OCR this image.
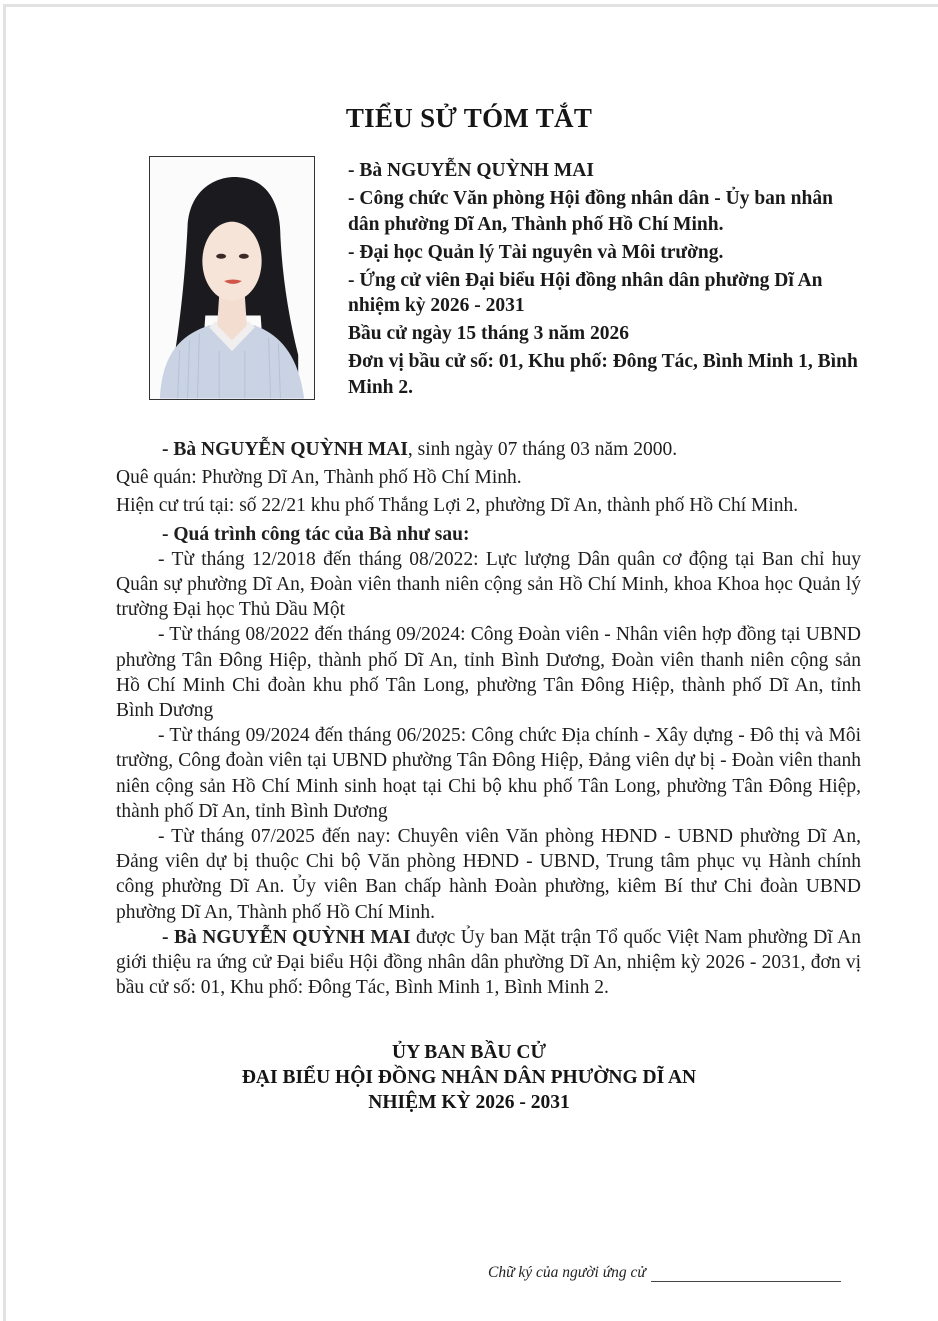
TIỂU SỬ TÓM TẮT

- Bà NGUYỄN QUỲNH MAI

- Công chức Văn phòng Hội đồng nhân dân - Ủy ban nhân dân phường Dĩ An, Thành phố Hồ Chí Minh.

- Đại học Quản lý Tài nguyên và Môi trường.

- Ứng cử viên Đại biểu Hội đồng nhân dân phường Dĩ An nhiệm kỳ 2026 - 2031

Bầu cử ngày 15 tháng 3 năm 2026

Đơn vị bầu cử số: 01, Khu phố: Đông Tác, Bình Minh 1, Bình Minh 2.

- Bà NGUYỄN QUỲNH MAI, sinh ngày 07 tháng 03 năm 2000.

Quê quán: Phường Dĩ An, Thành phố Hồ Chí Minh.

Hiện cư trú tại: số 22/21 khu phố Thắng Lợi 2, phường Dĩ An, thành phố Hồ Chí Minh.

- Quá trình công tác của Bà như sau:

- Từ tháng 12/2018 đến tháng 08/2022: Lực lượng Dân quân cơ động tại Ban chỉ huy Quân sự phường Dĩ An, Đoàn viên thanh niên cộng sản Hồ Chí Minh, khoa Khoa học Quản lý trường Đại học Thủ Dầu Một

- Từ tháng 08/2022 đến tháng 09/2024: Công Đoàn viên - Nhân viên hợp đồng tại UBND phường Tân Đông Hiệp, thành phố Dĩ An, tỉnh Bình Dương, Đoàn viên thanh niên cộng sản Hồ Chí Minh Chi đoàn khu phố Tân Long, phường Tân Đông Hiệp, thành phố Dĩ An, tỉnh Bình Dương

- Từ tháng 09/2024 đến tháng 06/2025: Công chức Địa chính - Xây dựng - Đô thị và Môi trường, Công đoàn viên tại UBND phường Tân Đông Hiệp, Đảng viên dự bị - Đoàn viên thanh niên cộng sản Hồ Chí Minh sinh hoạt tại Chi bộ khu phố Tân Long, phường Tân Đông Hiệp, thành phố Dĩ An, tỉnh Bình Dương

- Từ tháng 07/2025 đến nay: Chuyên viên Văn phòng HĐND - UBND phường Dĩ An, Đảng viên dự bị thuộc Chi bộ Văn phòng HĐND - UBND, Trung tâm phục vụ Hành chính công phường Dĩ An. Ủy viên Ban chấp hành Đoàn phường, kiêm Bí thư Chi đoàn UBND phường Dĩ An, Thành phố Hồ Chí Minh.

- Bà NGUYỄN QUỲNH MAI được Ủy ban Mặt trận Tổ quốc Việt Nam phường Dĩ An giới thiệu ra ứng cử Đại biểu Hội đồng nhân dân phường Dĩ An, nhiệm kỳ 2026 - 2031, đơn vị bầu cử số: 01, Khu phố: Đông Tác, Bình Minh 1, Bình Minh 2.

ỦY BAN BẦU CỬ
ĐẠI BIỂU HỘI ĐỒNG NHÂN DÂN PHƯỜNG DĨ AN
NHIỆM KỲ 2026 - 2031
Chữ ký của người ứng cử
